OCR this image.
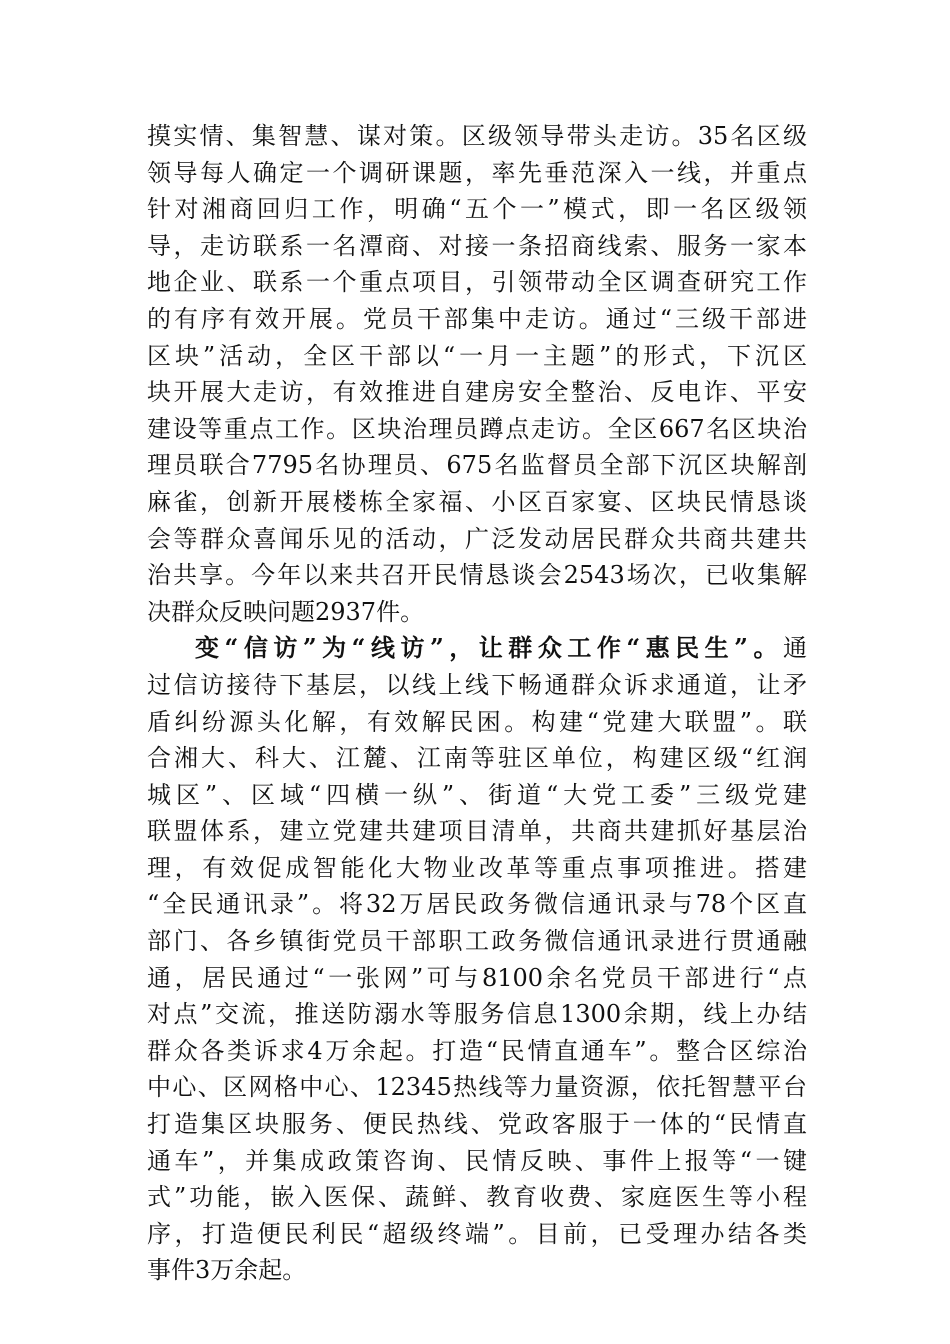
摸实情、集智慧、谋对策。区级领导带头走访。35名区级
领导每人确定一个调研课题，率先垂范深入一线，并重点
针对湘商回归工作，明确“五个一”模式，即一名区级领
导，走访联系一名潭商、对接一条招商线索、服务一家本
地企业、联系一个重点项目，引领带动全区调查研究工作
的有序有效开展。党员干部集中走访。通过“三级干部进
区块”活动，全区干部以“一月一主题”的形式，下沉区
块开展大走访，有效推进自建房安全整治、反电诈、平安
建设等重点工作。区块治理员蹲点走访。全区667名区块治
理员联合7795名协理员、675名监督员全部下沉区块解剖
麻雀，创新开展楼栋全家福、小区百家宴、区块民情恳谈
会等群众喜闻乐见的活动，广泛发动居民群众共商共建共
治共享。今年以来共召开民情恳谈会2543场次，已收集解
决群众反映问题2937件。
变“信访”为“线访”，让群众工作“惠民生”。通
过信访接待下基层，以线上线下畅通群众诉求通道，让矛
盾纠纷源头化解，有效解民困。构建“党建大联盟”。联
合湘大、科大、江麓、江南等驻区单位，构建区级“红润
城区”、区域“四横一纵”、街道“大党工委”三级党建
联盟体系，建立党建共建项目清单，共商共建抓好基层治
理，有效促成智能化大物业改革等重点事项推进。搭建
“全民通讯录”。将32万居民政务微信通讯录与78个区直
部门、各乡镇街党员干部职工政务微信通讯录进行贯通融
通，居民通过“一张网”可与8100余名党员干部进行“点
对点”交流，推送防溺水等服务信息1300余期，线上办结
群众各类诉求4万余起。打造“民情直通车”。整合区综治
中心、区网格中心、12345热线等力量资源，依托智慧平台
打造集区块服务、便民热线、党政客服于一体的“民情直
通车”，并集成政策咨询、民情反映、事件上报等“一键
式”功能，嵌入医保、蔬鲜、教育收费、家庭医生等小程
序，打造便民利民“超级终端”。目前，已受理办结各类
事件3万余起。
